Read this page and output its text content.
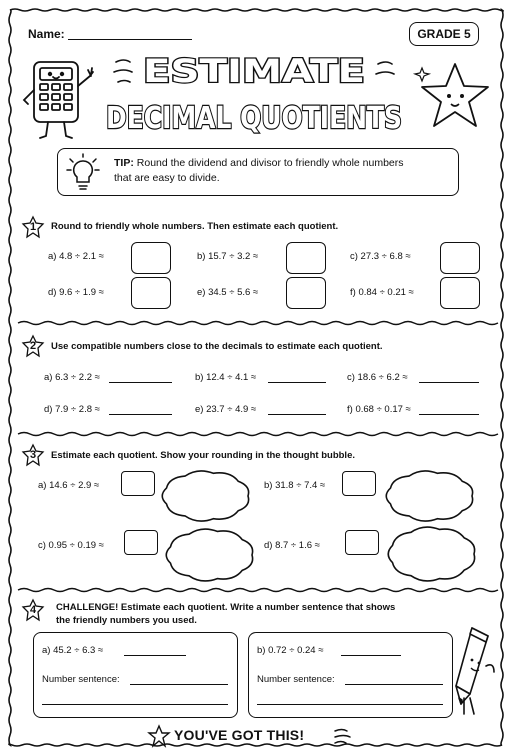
Name:	GRADE 5
ESTIMATE
DECIMAL QUOTIENTS
TIP: Round the dividend and divisor to friendly whole numbers
that are easy to divide.
1	Round to friendly whole numbers. Then estimate each quotient.
a) 4.8 ÷ 2.1 ≈	b) 15.7 ÷ 3.2 ≈	c) 27.3 ÷ 6.8 ≈
d) 9.6 ÷ 1.9 ≈	e) 34.5 ÷ 5.6 ≈	f) 0.84 ÷ 0.21 ≈
2	Use compatible numbers close to the decimals to estimate each quotient.
a) 6.3 ÷ 2.2 ≈	b) 12.4 ÷ 4.1 ≈	c) 18.6 ÷ 6.2 ≈
d) 7.9 ÷ 2.8 ≈	e) 23.7 ÷ 4.9 ≈	f) 0.68 ÷ 0.17 ≈
3	Estimate each quotient. Show your rounding in the thought bubble.
a) 14.6 ÷ 2.9 ≈	b) 31.8 ÷ 7.4 ≈
c) 0.95 ÷ 0.19 ≈	d) 8.7 ÷ 1.6 ≈
4	CHALLENGE! Estimate each quotient. Write a number sentence that shows
the friendly numbers you used.
a) 45.2 ÷ 6.3 ≈
Number sentence:
b) 0.72 ÷ 0.24 ≈
Number sentence:
YOU'VE GOT THIS!
